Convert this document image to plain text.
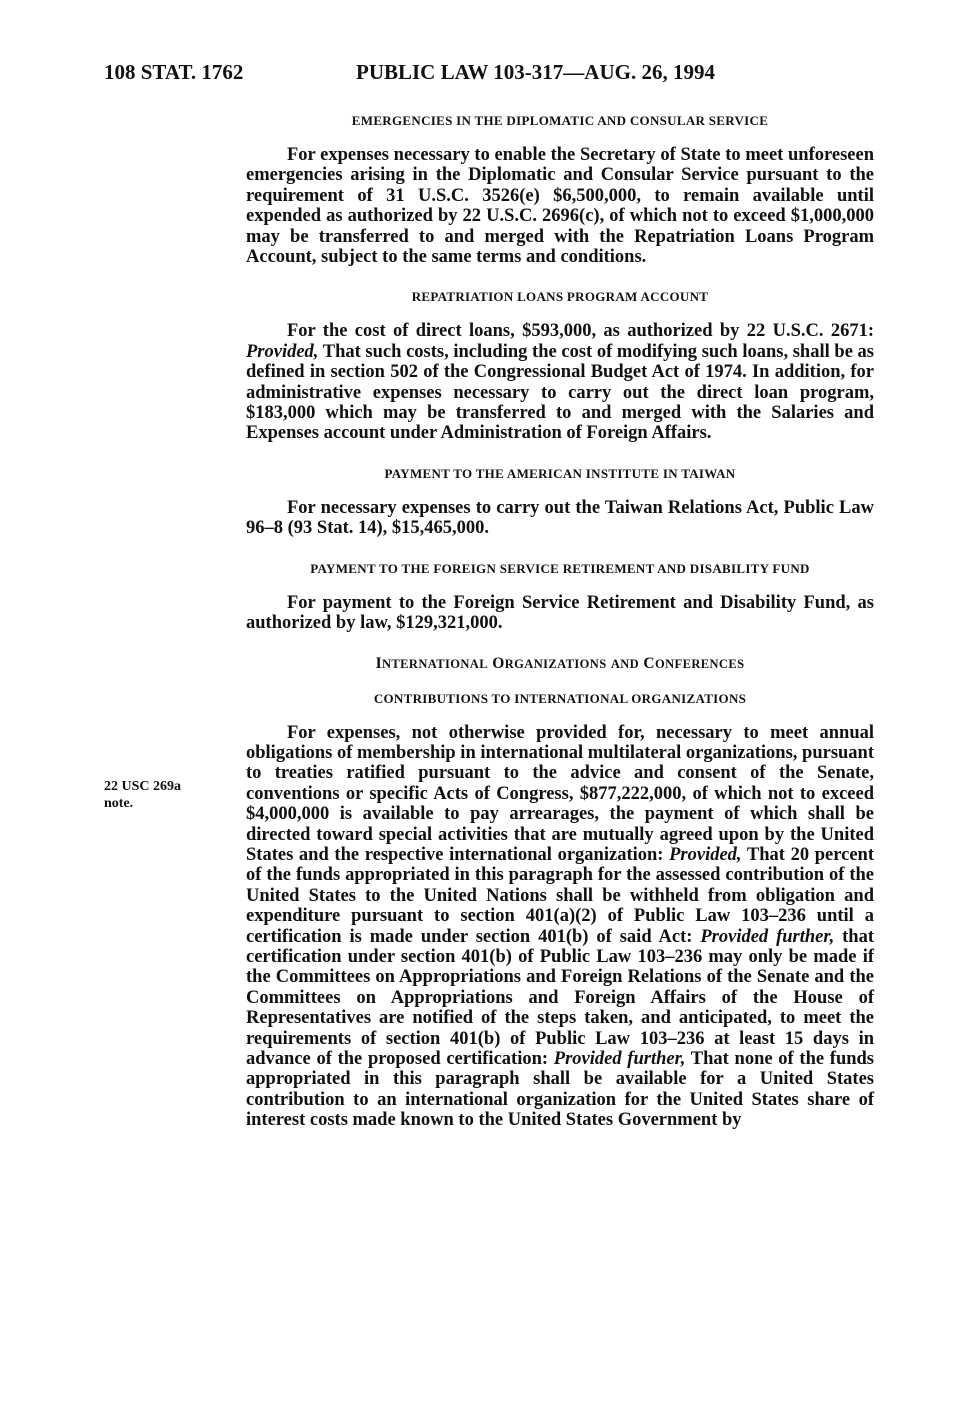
108 STAT. 1762	PUBLIC LAW 103-317—AUG. 26, 1994
22 USC 269a
note.
EMERGENCIES IN THE DIPLOMATIC AND CONSULAR SERVICE

For expenses necessary to enable the Secretary of State to meet unforeseen emergencies arising in the Diplomatic and Consular Service pursuant to the requirement of 31 U.S.C. 3526(e) $6,500,000, to remain available until expended as authorized by 22 U.S.C. 2696(c), of which not to exceed $1,000,000 may be transferred to and merged with the Repatriation Loans Program Account, subject to the same terms and conditions.

REPATRIATION LOANS PROGRAM ACCOUNT

For the cost of direct loans, $593,000, as authorized by 22 U.S.C. 2671: Provided, That such costs, including the cost of modifying such loans, shall be as defined in section 502 of the Congressional Budget Act of 1974. In addition, for administrative expenses necessary to carry out the direct loan program, $183,000 which may be transferred to and merged with the Salaries and Expenses account under Administration of Foreign Affairs.

PAYMENT TO THE AMERICAN INSTITUTE IN TAIWAN

For necessary expenses to carry out the Taiwan Relations Act, Public Law 96–8 (93 Stat. 14), $15,465,000.

PAYMENT TO THE FOREIGN SERVICE RETIREMENT AND DISABILITY FUND

For payment to the Foreign Service Retirement and Disability Fund, as authorized by law, $129,321,000.

INTERNATIONAL ORGANIZATIONS AND CONFERENCES
CONTRIBUTIONS TO INTERNATIONAL ORGANIZATIONS

For expenses, not otherwise provided for, necessary to meet annual obligations of membership in international multilateral organizations, pursuant to treaties ratified pursuant to the advice and consent of the Senate, conventions or specific Acts of Congress, $877,222,000, of which not to exceed $4,000,000 is available to pay arrearages, the payment of which shall be directed toward special activities that are mutually agreed upon by the United States and the respective international organization: Provided, That 20 percent of the funds appropriated in this paragraph for the assessed contribution of the United States to the United Nations shall be withheld from obligation and expenditure pursuant to section 401(a)(2) of Public Law 103–236 until a certification is made under section 401(b) of said Act: Provided further, that certification under section 401(b) of Public Law 103–236 may only be made if the Committees on Appropriations and Foreign Relations of the Senate and the Committees on Appropriations and Foreign Affairs of the House of Representatives are notified of the steps taken, and anticipated, to meet the requirements of section 401(b) of Public Law 103–236 at least 15 days in advance of the proposed certification: Provided further, That none of the funds appropriated in this paragraph shall be available for a United States contribution to an international organization for the United States share of interest costs made known to the United States Government by
